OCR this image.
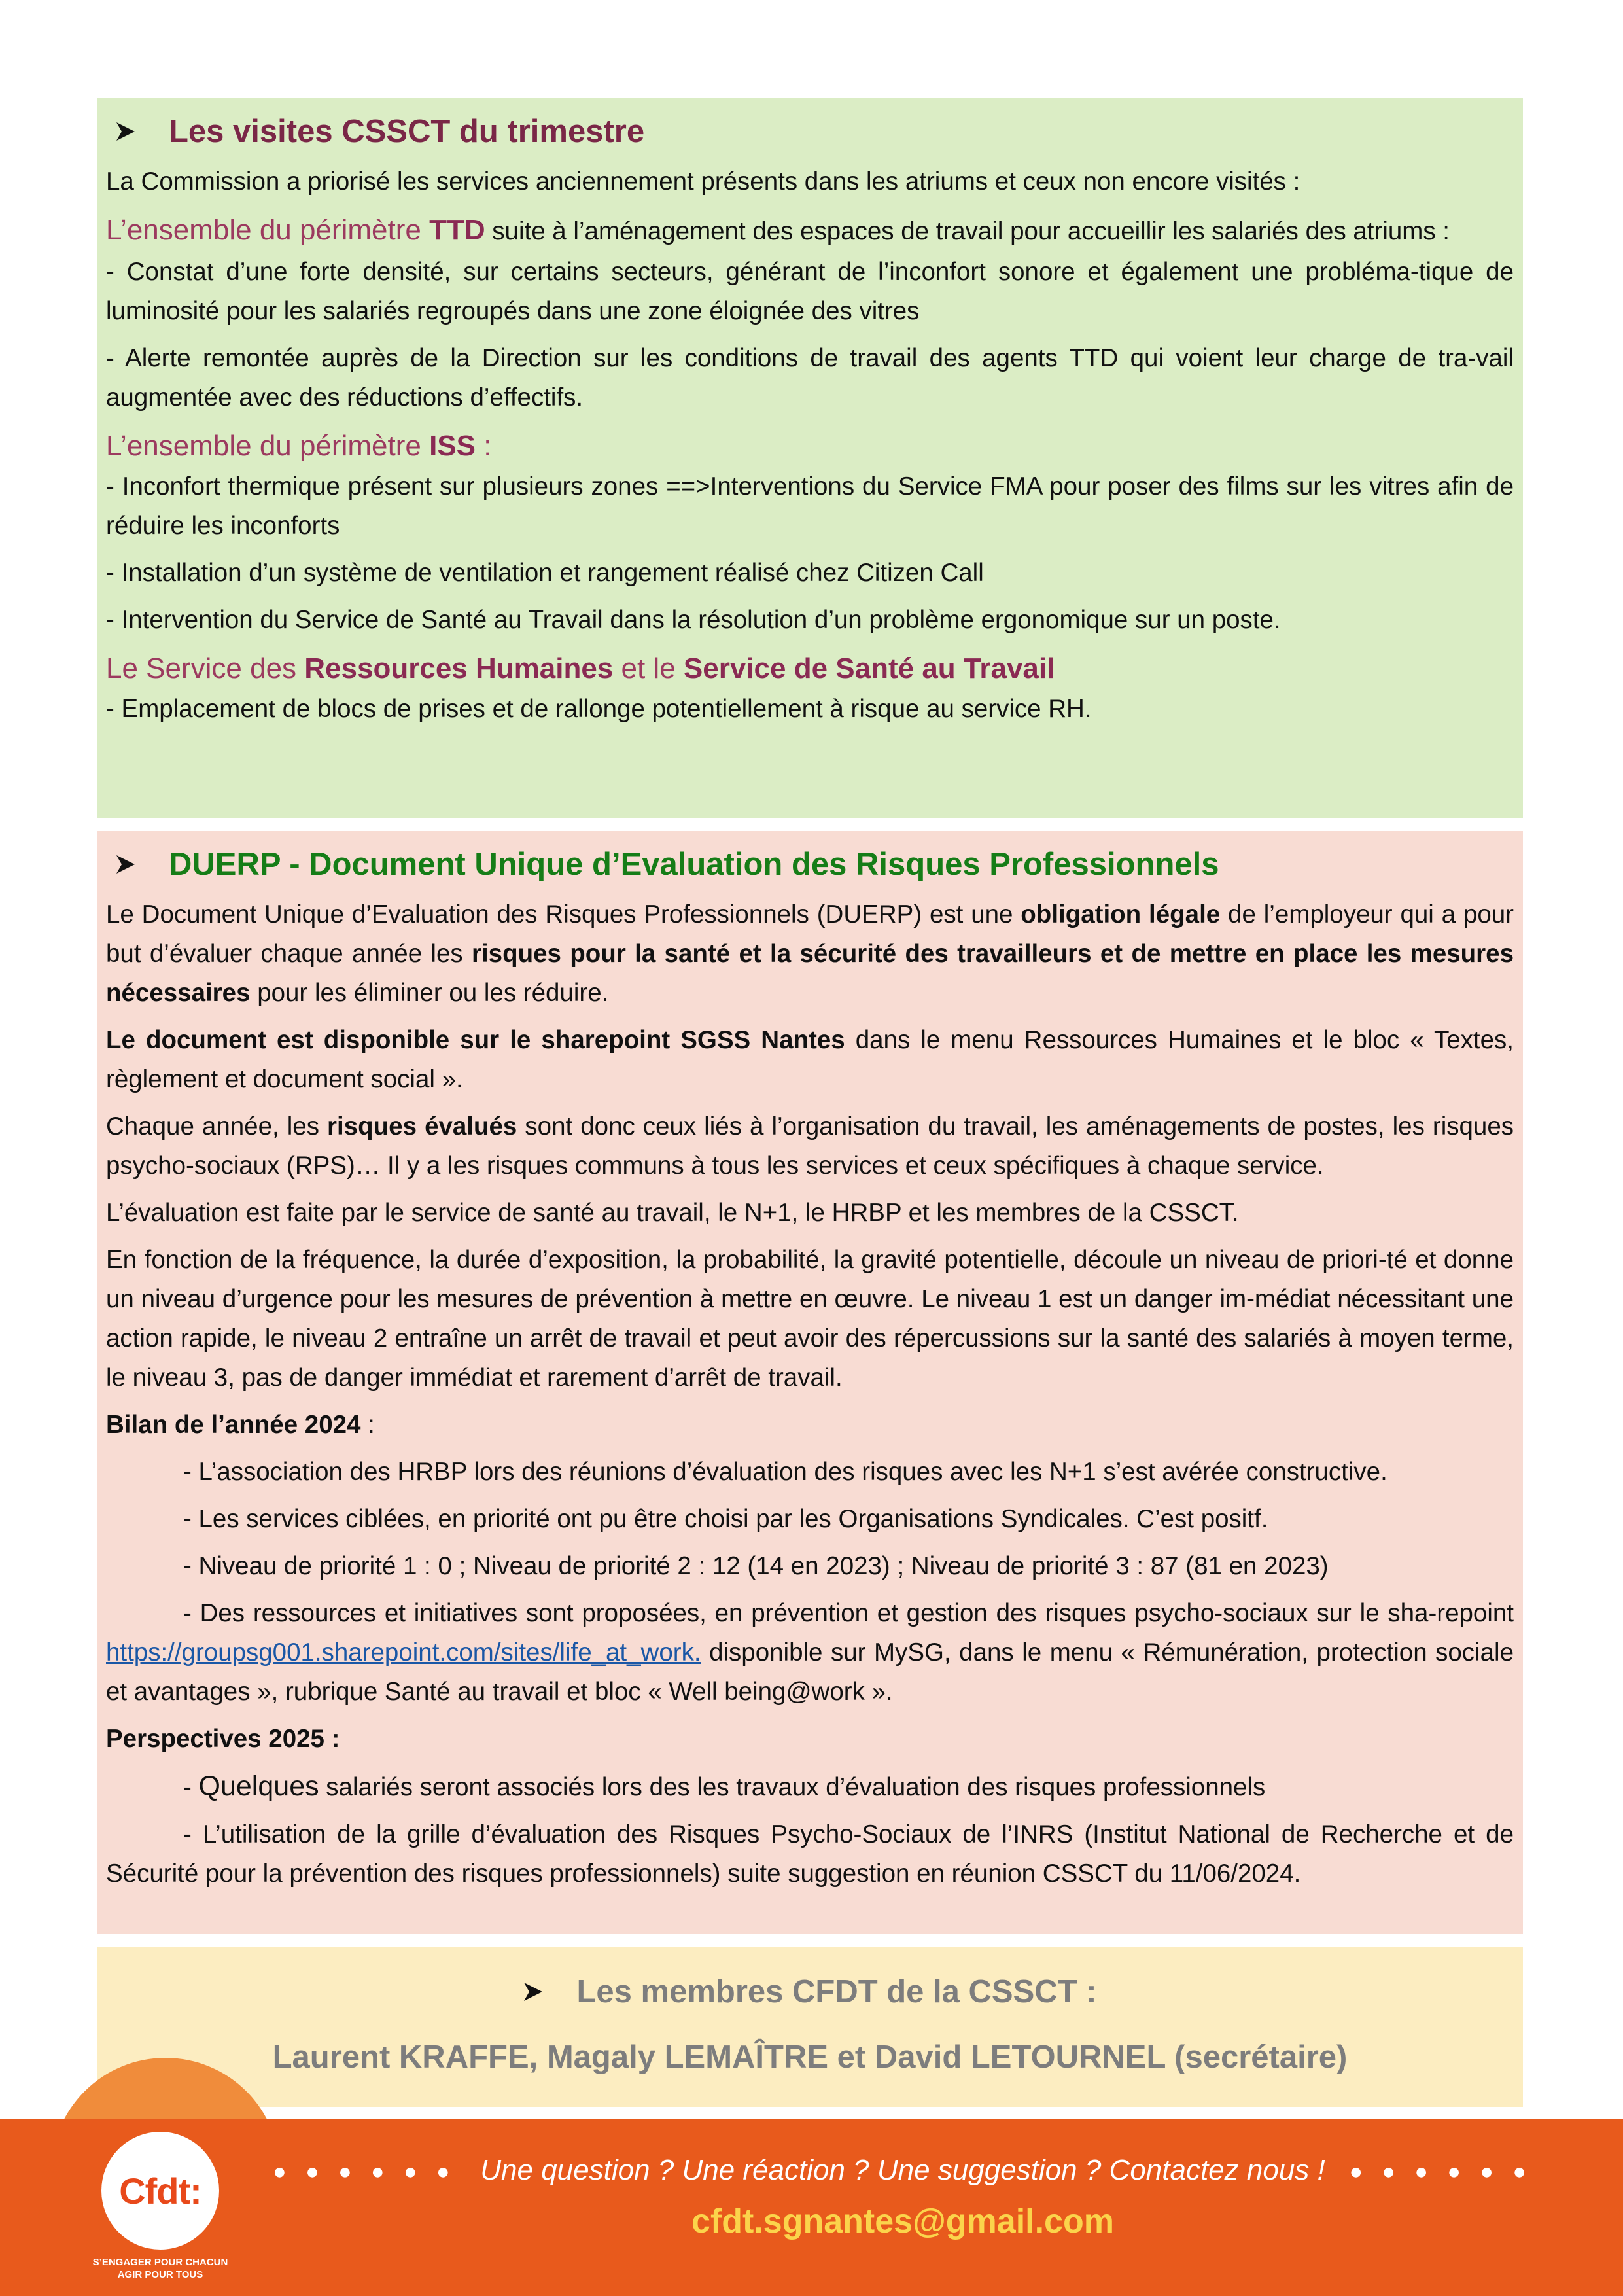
Les visites CSSCT du trimestre

La Commission a priorisé les services anciennement présents dans les atriums et ceux non encore visités :

L’ensemble du périmètre TTD suite à l’aménagement des espaces de travail pour accueillir les salariés des atriums :

- Constat d’une forte densité, sur certains secteurs, générant de l’inconfort sonore et également une probléma-tique de luminosité pour les salariés regroupés dans une zone éloignée des vitres

- Alerte remontée auprès de la Direction sur les conditions de travail des agents TTD qui voient leur charge de tra-vail augmentée avec des réductions d’effectifs.

L’ensemble du périmètre ISS :

- Inconfort thermique présent sur plusieurs zones ==>Interventions du Service FMA pour poser des films sur les vitres afin de réduire les inconforts

- Installation d’un système de ventilation et rangement réalisé chez Citizen Call

- Intervention du Service de Santé au Travail dans la résolution d’un problème ergonomique sur un poste.

Le Service des Ressources Humaines et le Service de Santé au Travail

- Emplacement de blocs de prises et de rallonge potentiellement à risque au service RH.

DUERP - Document Unique d’Evaluation des Risques Professionnels

Le Document Unique d’Evaluation des Risques Professionnels (DUERP) est une obligation légale de l’employeur qui a pour but d’évaluer chaque année les risques pour la santé et la sécurité des travailleurs et de mettre en place les mesures nécessaires pour les éliminer ou les réduire.

Le document est disponible sur le sharepoint SGSS Nantes dans le menu Ressources Humaines et le bloc « Textes, règlement et document social ».

Chaque année, les risques évalués sont donc ceux liés à l’organisation du travail, les aménagements de postes, les risques psycho-sociaux (RPS)… Il y a les risques communs à tous les services et ceux spécifiques à chaque service.

L’évaluation est faite par le service de santé au travail, le N+1, le HRBP et les membres de la CSSCT.

En fonction de la fréquence, la durée d’exposition, la probabilité, la gravité potentielle, découle un niveau de priori-té et donne un niveau d’urgence pour les mesures de prévention à mettre en œuvre. Le niveau 1 est un danger im-médiat nécessitant une action rapide, le niveau 2 entraîne un arrêt de travail et peut avoir des répercussions sur la santé des salariés à moyen terme, le niveau 3, pas de danger immédiat et rarement d’arrêt de travail.

Bilan de l’année 2024 :

- L’association des HRBP lors des réunions d’évaluation des risques avec les N+1 s’est avérée constructive.

- Les services ciblées, en priorité ont pu être choisi par les Organisations Syndicales. C’est positf.

- Niveau de priorité 1 : 0 ; Niveau de priorité 2 : 12 (14 en 2023) ; Niveau de priorité 3 : 87 (81 en 2023)

- Des ressources et initiatives sont proposées, en prévention et gestion des risques psycho-sociaux sur le sha-repoint https://groupsg001.sharepoint.com/sites/life_at_work. disponible sur MySG, dans le menu « Rémunération, protection sociale et avantages », rubrique Santé au travail et bloc « Well being@work ».

Perspectives 2025 :

- Quelques salariés seront associés lors des les travaux d’évaluation des risques professionnels

- L’utilisation de la grille d’évaluation des Risques Psycho-Sociaux de l’INRS (Institut National de Recherche et de Sécurité pour la prévention des risques professionnels) suite suggestion en réunion CSSCT du 11/06/2024.

Les membres CFDT de la CSSCT :
Laurent KRAFFE, Magaly LEMAÎTRE et David LETOURNEL (secrétaire)
Cfdt:
S’ENGAGER POUR CHACUN
AGIR POUR TOUS
● ● ● ● ● ● Une question ? Une réaction ? Une suggestion ? Contactez nous ! ● ● ● ● ● ●
cfdt.sgnantes@gmail.com
